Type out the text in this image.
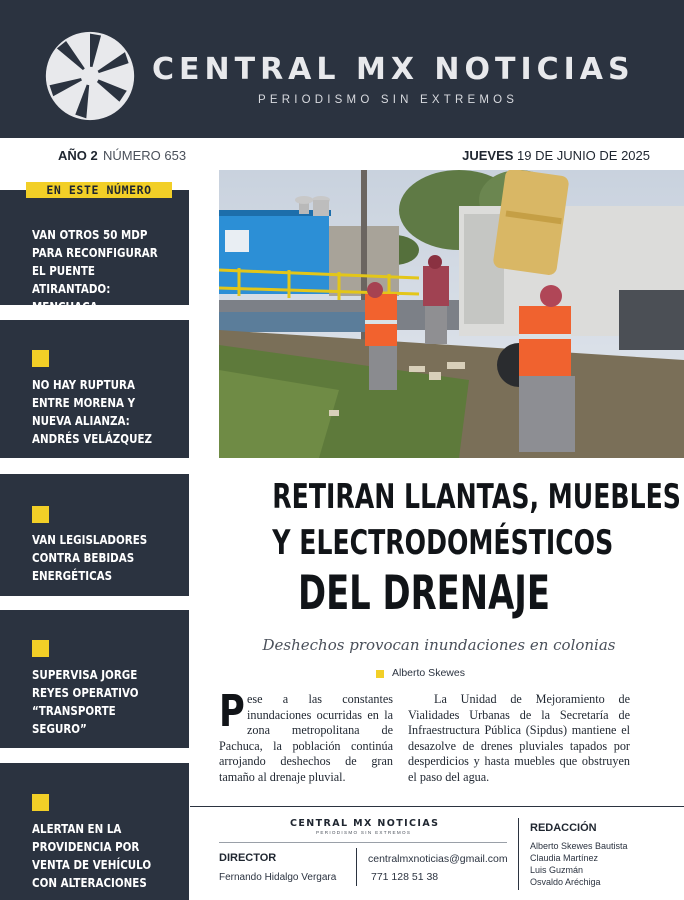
CENTRAL MX NOTICIAS
PERIODISMO SIN EXTREMOS
AÑO 2 NÚMERO 653	JUEVES 19 DE JUNIO DE 2025
EN ESTE NÚMERO
VAN OTROS 50 MDP PARA RECONFIGURAR EL PUENTE ATIRANTADO: MENCHACA
NO HAY RUPTURA ENTRE MORENA Y NUEVA ALIANZA: ANDRÉS VELÁZQUEZ
VAN LEGISLADORES CONTRA BEBIDAS ENERGÉTICAS
SUPERVISA JORGE REYES OPERATIVO “TRANSPORTE SEGURO”
ALERTAN EN LA PROVIDENCIA POR VENTA DE VEHÍCULO CON ALTERACIONES
RETIRAN LLANTAS, MUEBLES
Y ELECTRODOMÉSTICOS
DEL DRENAJE
Deshechos provocan inundaciones en colonias
Alberto Skewes
Pese a las constantes inundaciones ocurridas en la zona metropolitana de Pachuca, la población continúa arrojando deshechos de gran tamaño al drenaje pluvial.
La Unidad de Mejoramiento de Vialidades Urbanas de la Secretaría de Infraestructura Pública (Sipdus) mantiene el desazolve de drenes pluviales tapados por desperdicios y hasta muebles que obstruyen el paso del agua.
CENTRAL MX NOTICIAS
PERIODISMO SIN EXTREMOS
DIRECTOR
Fernando Hidalgo Vergara
centralmxnoticias@gmail.com
771 128 51 38
REDACCIÓN
Alberto Skewes Bautista
Claudia Martínez
Luis Guzmán
Osvaldo Aréchiga
